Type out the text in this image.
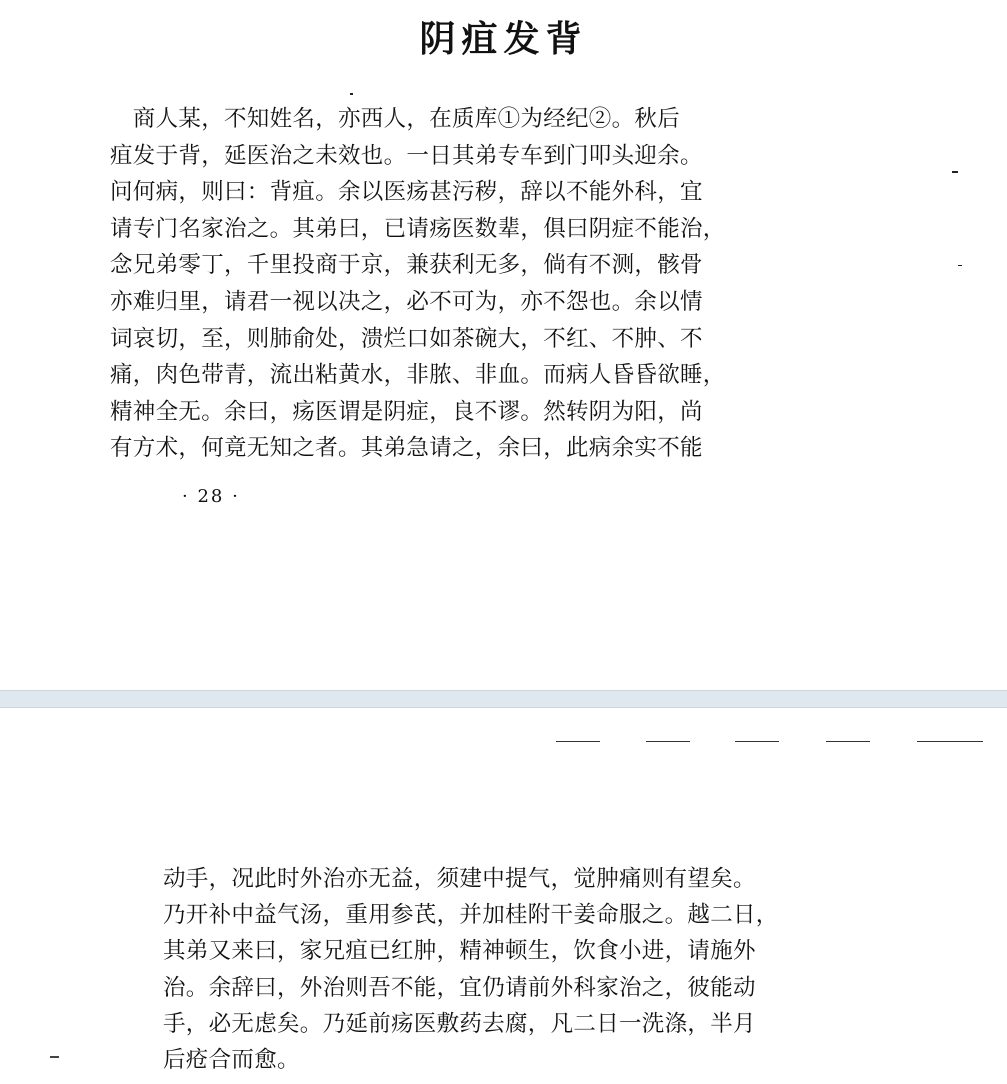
阴疽发背
　商人某，不知姓名，亦西人，在质库①为经纪②。秋后
疽发于背，延医治之未效也。一日其弟专车到门叩头迎余。
问何病，则曰：背疽。余以医疡甚污秽，辞以不能外科，宜
请专门名家治之。其弟曰，已请疡医数辈，俱曰阴症不能治，
念兄弟零丁，千里投商于京，兼获利无多，倘有不测，骸骨
亦难归里，请君一视以决之，必不可为，亦不怨也。余以情
词哀切，至，则肺俞处，溃烂口如茶碗大，不红、不肿、不
痛，肉色带青，流出粘黄水，非脓、非血。而病人昏昏欲睡，
精神全无。余曰，疡医谓是阴症，良不谬。然转阴为阳，尚
有方术，何竟无知之者。其弟急请之，余曰，此病余实不能
· 28 ·
动手，况此时外治亦无益，须建中提气，觉肿痛则有望矣。
乃开补中益气汤，重用参芪，并加桂附干姜命服之。越二日，
其弟又来曰，家兄疽已红肿，精神顿生，饮食小进，请施外
治。余辞曰，外治则吾不能，宜仍请前外科家治之，彼能动
手，必无虑矣。乃延前疡医敷药去腐，凡二日一洗涤，半月
后疮合而愈。
